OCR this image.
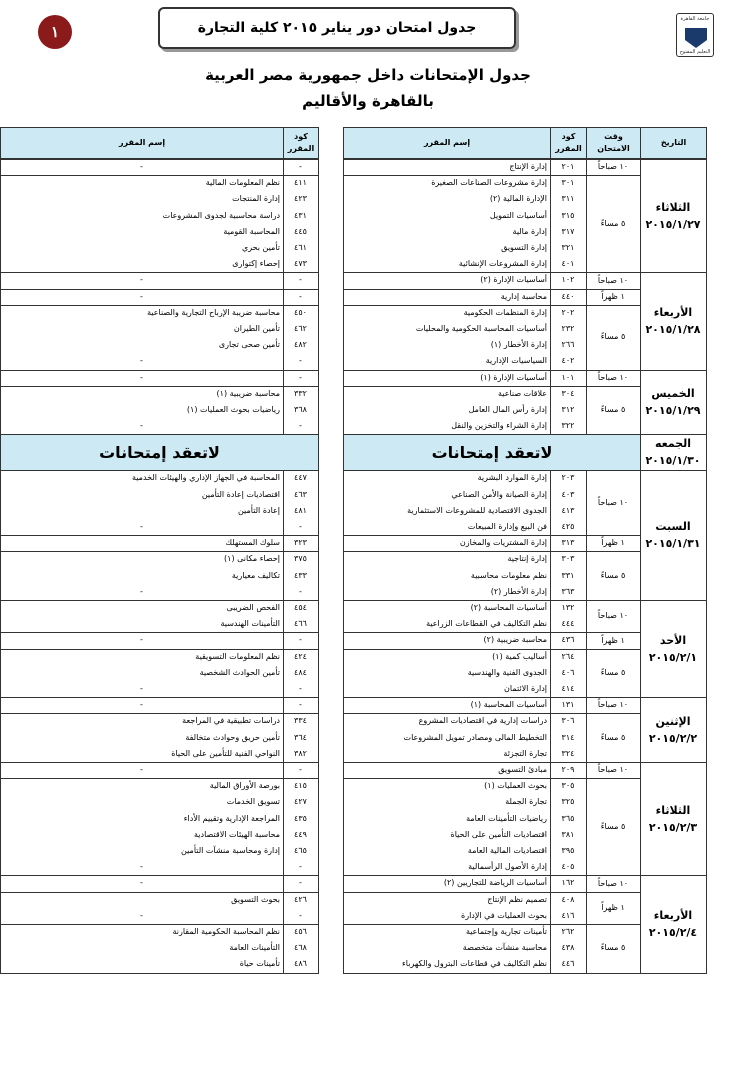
١	جدول امتحان دور يناير ٢٠١٥ كلية التجارة
جامعة القاهرة
التعليم المفتوح
جدول الإمتحانات داخل جمهورية مصر العربية
بالقاهرة والأقاليم
التاريخ
وقت الامتحان
كود المقرر
إسم المقرر
كود المقرر
إسم المقرر
١٠ صباحاً
٢٠١
إدارة الإنتاج
-
-
٥ مساءً
٣٠١
إدارة مشروعات الصناعات الصغيرة
٣١١
الإدارة المالية (٢)
٣١٥
أساسيات التمويل
٣١٧
إدارة مالية
٣٢١
إدارة التسويق
٤٠١
إدارة المشروعات الإنشائية
٤١١
نظم المعلومات المالية
٤٢٣
إدارة المنتجات
٤٣١
دراسة محاسبية لجدوى المشروعات
٤٤٥
المحاسبة القومية
٤٦١
تأمين بحري
٤٧٣
إحصاء إكتوارى
الثلاثاء
٢٠١٥/١/٢٧
١٠ صباحاً
١٠٢
أساسيات الإدارة (٢)
-
-
١ ظهراً
٤٤٠
محاسبة إدارية
-
-
٥ مساءً
٢٠٢
إدارة المنظمات الحكومية
٢٣٢
أساسيات المحاسبة الحكومية والمحليات
٢٦٦
إدارة الأخطار (١)
٤٠٢
السياسيات الإدارية
٤٥٠
محاسبة ضريبة الإرباح التجارية والصناعية
٤٦٢
تأمين الطيران
٤٨٢
تأمين صحى تجارى
-
-
الأربعاء
٢٠١٥/١/٢٨
١٠ صباحاً
١٠١
أساسيات الإدارة (١)
-
-
٥ مساءً
٣٠٤
علاقات صناعية
٣١٢
إدارة رأس المال العامل
٣٢٢
إدارة الشراء والتخزين والنقل
٣٣٢
محاسبة ضريبية (١)
٣٦٨
رياضيات بحوث العمليات (١)
-
-
الخميس
٢٠١٥/١/٢٩
لاتعقد إمتحانات
لاتعقد إمتحانات	الجمعه
٢٠١٥/١/٣٠
١٠ صباحاً
٢٠٣
إدارة الموارد البشرية
٤٠٣
إدارة الصيانة والأمن الصناعي
٤١٣
الجدوى الاقتصادية للمشروعات الاستثمارية
٤٢٥
فن البيع وإدارة المبيعات
٤٤٧
المحاسبة في الجهاز الإداري والهيئات الخدمية
٤٦٣
اقتصاديات إعادة التأمين
٤٨١
إعادة التأمين
-
-
١ ظهراً
٣١٣
إدارة المشتريات والمخازن
٣٢٣
سلوك المستهلك
٥ مساءً
٣٠٣
إدارة إنتاجية
٣٣١
نظم معلومات محاسبية
٣٦٣
إدارة الأخطار (٢)
٣٧٥
إحصاء مكانى (١)
٤٣٣
تكاليف معيارية
-
-
السبت
٢٠١٥/١/٣١
١٠ صباحاً
١٣٢
أساسيات المحاسبة (٢)
٤٤٤
نظم التكاليف في القطاعات الزراعية
٤٥٤
الفحص الضريبى
٤٦٦
التأمينات الهندسية
١ ظهراً
٤٣٦
محاسبة ضريبية (٢)
-
-
٥ مساءً
٢٦٤
أساليب كمية (١)
٤٠٦
الجدوى الفنية والهندسية
٤١٤
إدارة الائتمان
٤٢٤
نظم المعلومات التسويقية
٤٨٤
تأمين الحوادث الشخصية
-
-
الأحد
٢٠١٥/٢/١
١٠ صباحاً
١٣١
أساسيات المحاسبة (١)
-
-
٥ مساءً
٣٠٦
دراسات إدارية في اقتصاديات المشروع
٣١٤
التخطيط المالى ومصادر تمويل المشروعات
٣٢٤
تجارة التجزئة
٣٣٤
دراسات تطبيقية في المراجعة
٣٦٤
تأمين حريق وحوادث متخالفة
٣٨٢
النواحي الفنية للتأمين على الحياة
الإثنين
٢٠١٥/٢/٢
١٠ صباحاً
٢٠٩
مبادئ التسويق
-
-
٥ مساءً
٣٠٥
بحوث العمليات (١)
٣٢٥
تجارة الجملة
٣٦٥
رياضيات التأمينات العامة
٣٨١
اقتصاديات التأمين على الحياة
٣٩٥
اقتصاديات المالية العامة
٤٠٥
إدارة الأصول الرأسمالية
٤١٥
بورصة الأوراق المالية
٤٢٧
تسويق الخدمات
٤٣٥
المراجعة الإدارية وتقييم الأداء
٤٤٩
محاسبة الهيئات الاقتصادية
٤٦٥
إدارة ومحاسبة منشآت التأمين
-
-
الثلاثاء
٢٠١٥/٢/٣
١٠ صباحاً
١٦٢
أساسيات الرياضة للتجاريين (٢)
-
-
١ ظهراً
٤٠٨
تصميم نظم الإنتاج
٤١٦
بحوث العمليات في الإدارة
٤٢٦
بحوث التسويق
-
-
٥ مساءً
٢٦٢
تأمينات تجارية وإجتماعية
٤٣٨
محاسبة منشآت متخصصة
٤٤٦
نظم التكاليف في قطاعات البترول والكهرباء
٤٥٦
نظم المحاسبة الحكومية المقارنة
٤٦٨
التأمينات العامة
٤٨٦
تأمينات حياة
الأربعاء
٢٠١٥/٢/٤
